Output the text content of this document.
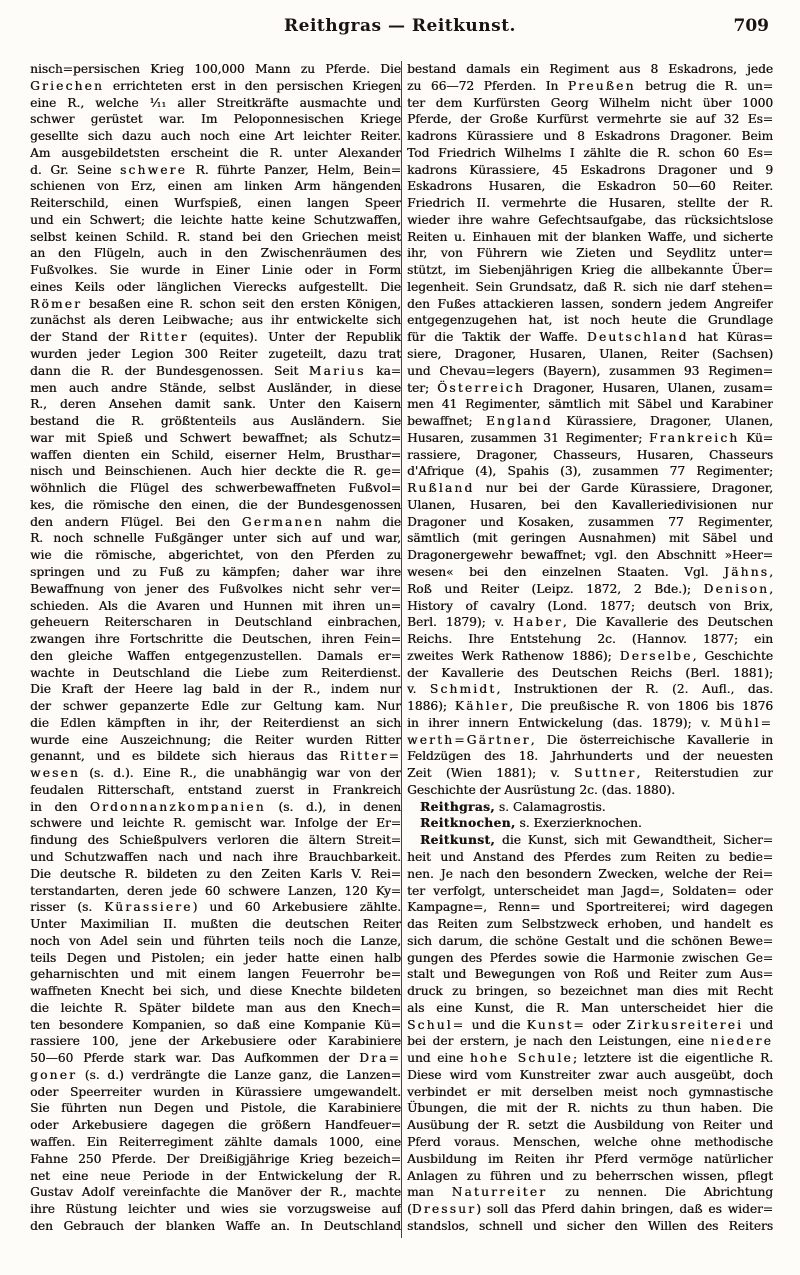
Reithgras — Reitkunst.	709
nisch=persischen Krieg 100,000 Mann zu Pferde. Die
Griechen errichteten erst in den persischen Kriegen
eine R., welche ¹⁄₁₁ aller Streitkräfte ausmachte und
schwer gerüstet war. Im Peloponnesischen Kriege
gesellte sich dazu auch noch eine Art leichter Reiter.
Am ausgebildetsten erscheint die R. unter Alexander
d. Gr. Seine schwere R. führte Panzer, Helm, Bein=
schienen von Erz, einen am linken Arm hängenden
Reiterschild, einen Wurfspieß, einen langen Speer
und ein Schwert; die leichte hatte keine Schutzwaffen,
selbst keinen Schild. R. stand bei den Griechen meist
an den Flügeln, auch in den Zwischenräumen des
Fußvolkes. Sie wurde in Einer Linie oder in Form
eines Keils oder länglichen Vierecks aufgestellt. Die
Römer besaßen eine R. schon seit den ersten Königen,
zunächst als deren Leibwache; aus ihr entwickelte sich
der Stand der Ritter (equites). Unter der Republik
wurden jeder Legion 300 Reiter zugeteilt, dazu trat
dann die R. der Bundesgenossen. Seit Marius ka=
men auch andre Stände, selbst Ausländer, in diese
R., deren Ansehen damit sank. Unter den Kaisern
bestand die R. größtenteils aus Ausländern. Sie
war mit Spieß und Schwert bewaffnet; als Schutz=
waffen dienten ein Schild, eiserner Helm, Brusthar=
nisch und Beinschienen. Auch hier deckte die R. ge=
wöhnlich die Flügel des schwerbewaffneten Fußvol=
kes, die römische den einen, die der Bundesgenossen
den andern Flügel. Bei den Germanen nahm die
R. noch schnelle Fußgänger unter sich auf und war,
wie die römische, abgerichtet, von den Pferden zu
springen und zu Fuß zu kämpfen; daher war ihre
Bewaffnung von jener des Fußvolkes nicht sehr ver=
schieden. Als die Avaren und Hunnen mit ihren un=
geheuern Reiterscharen in Deutschland einbrachen,
zwangen ihre Fortschritte die Deutschen, ihren Fein=
den gleiche Waffen entgegenzustellen. Damals er=
wachte in Deutschland die Liebe zum Reiterdienst.
Die Kraft der Heere lag bald in der R., indem nur
der schwer gepanzerte Edle zur Geltung kam. Nur
die Edlen kämpften in ihr, der Reiterdienst an sich
wurde eine Auszeichnung; die Reiter wurden Ritter
genannt, und es bildete sich hieraus das Ritter=
wesen (s. d.). Eine R., die unabhängig war von der
feudalen Ritterschaft, entstand zuerst in Frankreich
in den Ordonnanzkompanien (s. d.), in denen
schwere und leichte R. gemischt war. Infolge der Er=
findung des Schießpulvers verloren die ältern Streit=
und Schutzwaffen nach und nach ihre Brauchbarkeit.
Die deutsche R. bildeten zu den Zeiten Karls V. Rei=
terstandarten, deren jede 60 schwere Lanzen, 120 Ky=
risser (s. Kürassiere) und 60 Arkebusiere zählte.
Unter Maximilian II. mußten die deutschen Reiter
noch von Adel sein und führten teils noch die Lanze,
teils Degen und Pistolen; ein jeder hatte einen halb
geharnischten und mit einem langen Feuerrohr be=
waffneten Knecht bei sich, und diese Knechte bildeten
die leichte R. Später bildete man aus den Knech=
ten besondere Kompanien, so daß eine Kompanie Kü=
rassiere 100, jene der Arkebusiere oder Karabiniere
50—60 Pferde stark war. Das Aufkommen der Dra=
goner (s. d.) verdrängte die Lanze ganz, die Lanzen=
oder Speerreiter wurden in Kürassiere umgewandelt.
Sie führten nun Degen und Pistole, die Karabiniere
oder Arkebusiere dagegen die größern Handfeuer=
waffen. Ein Reiterregiment zählte damals 1000, eine
Fahne 250 Pferde. Der Dreißigjährige Krieg bezeich=
net eine neue Periode in der Entwickelung der R.
Gustav Adolf vereinfachte die Manöver der R., machte
ihre Rüstung leichter und wies sie vorzugsweise auf
den Gebrauch der blanken Waffe an. In Deutschland
bestand damals ein Regiment aus 8 Eskadrons, jede
zu 66—72 Pferden. In Preußen betrug die R. un=
ter dem Kurfürsten Georg Wilhelm nicht über 1000
Pferde, der Große Kurfürst vermehrte sie auf 32 Es=
kadrons Kürassiere und 8 Eskadrons Dragoner. Beim
Tod Friedrich Wilhelms I zählte die R. schon 60 Es=
kadrons Kürassiere, 45 Eskadrons Dragoner und 9
Eskadrons Husaren, die Eskadron 50—60 Reiter.
Friedrich II. vermehrte die Husaren, stellte der R.
wieder ihre wahre Gefechtsaufgabe, das rücksichtslose
Reiten u. Einhauen mit der blanken Waffe, und sicherte
ihr, von Führern wie Zieten und Seydlitz unter=
stützt, im Siebenjährigen Krieg die allbekannte Über=
legenheit. Sein Grundsatz, daß R. sich nie darf stehen=
den Fußes attackieren lassen, sondern jedem Angreifer
entgegenzugehen hat, ist noch heute die Grundlage
für die Taktik der Waffe. Deutschland hat Küras=
siere, Dragoner, Husaren, Ulanen, Reiter (Sachsen)
und Chevau=legers (Bayern), zusammen 93 Regimen=
ter; Österreich Dragoner, Husaren, Ulanen, zusam=
men 41 Regimenter, sämtlich mit Säbel und Karabiner
bewaffnet; England Kürassiere, Dragoner, Ulanen,
Husaren, zusammen 31 Regimenter; Frankreich Kü=
rassiere, Dragoner, Chasseurs, Husaren, Chasseurs
d'Afrique (4), Spahis (3), zusammen 77 Regimenter;
Rußland nur bei der Garde Kürassiere, Dragoner,
Ulanen, Husaren, bei den Kavalleriedivisionen nur
Dragoner und Kosaken, zusammen 77 Regimenter,
sämtlich (mit geringen Ausnahmen) mit Säbel und
Dragonergewehr bewaffnet; vgl. den Abschnitt »Heer=
wesen« bei den einzelnen Staaten. Vgl. Jähns,
Roß und Reiter (Leipz. 1872, 2 Bde.); Denison,
History of cavalry (Lond. 1877; deutsch von Brix,
Berl. 1879); v. Haber, Die Kavallerie des Deutschen
Reichs. Ihre Entstehung 2c. (Hannov. 1877; ein
zweites Werk Rathenow 1886); Derselbe, Geschichte
der Kavallerie des Deutschen Reichs (Berl. 1881);
v. Schmidt, Instruktionen der R. (2. Aufl., das.
1886); Kähler, Die preußische R. von 1806 bis 1876
in ihrer innern Entwickelung (das. 1879); v. Mühl=
werth=Gärtner, Die österreichische Kavallerie in
Feldzügen des 18. Jahrhunderts und der neuesten
Zeit (Wien 1881); v. Suttner, Reiterstudien zur
Geschichte der Ausrüstung 2c. (das. 1880).
Reithgras, s. Calamagrostis.
Reitknochen, s. Exerzierknochen.
Reitkunst, die Kunst, sich mit Gewandtheit, Sicher=
heit und Anstand des Pferdes zum Reiten zu bedie=
nen. Je nach den besondern Zwecken, welche der Rei=
ter verfolgt, unterscheidet man Jagd=, Soldaten= oder
Kampagne=, Renn= und Sportreiterei; wird dagegen
das Reiten zum Selbstzweck erhoben, und handelt es
sich darum, die schöne Gestalt und die schönen Bewe=
gungen des Pferdes sowie die Harmonie zwischen Ge=
stalt und Bewegungen von Roß und Reiter zum Aus=
druck zu bringen, so bezeichnet man dies mit Recht
als eine Kunst, die R. Man unterscheidet hier die
Schul= und die Kunst= oder Zirkusreiterei und
bei der erstern, je nach den Leistungen, eine niedere
und eine hohe Schule; letztere ist die eigentliche R.
Diese wird vom Kunstreiter zwar auch ausgeübt, doch
verbindet er mit derselben meist noch gymnastische
Übungen, die mit der R. nichts zu thun haben. Die
Ausübung der R. setzt die Ausbildung von Reiter und
Pferd voraus. Menschen, welche ohne methodische
Ausbildung im Reiten ihr Pferd vermöge natürlicher
Anlagen zu führen und zu beherrschen wissen, pflegt
man Naturreiter zu nennen. Die Abrichtung
(Dressur) soll das Pferd dahin bringen, daß es wider=
standslos, schnell und sicher den Willen des Reiters
